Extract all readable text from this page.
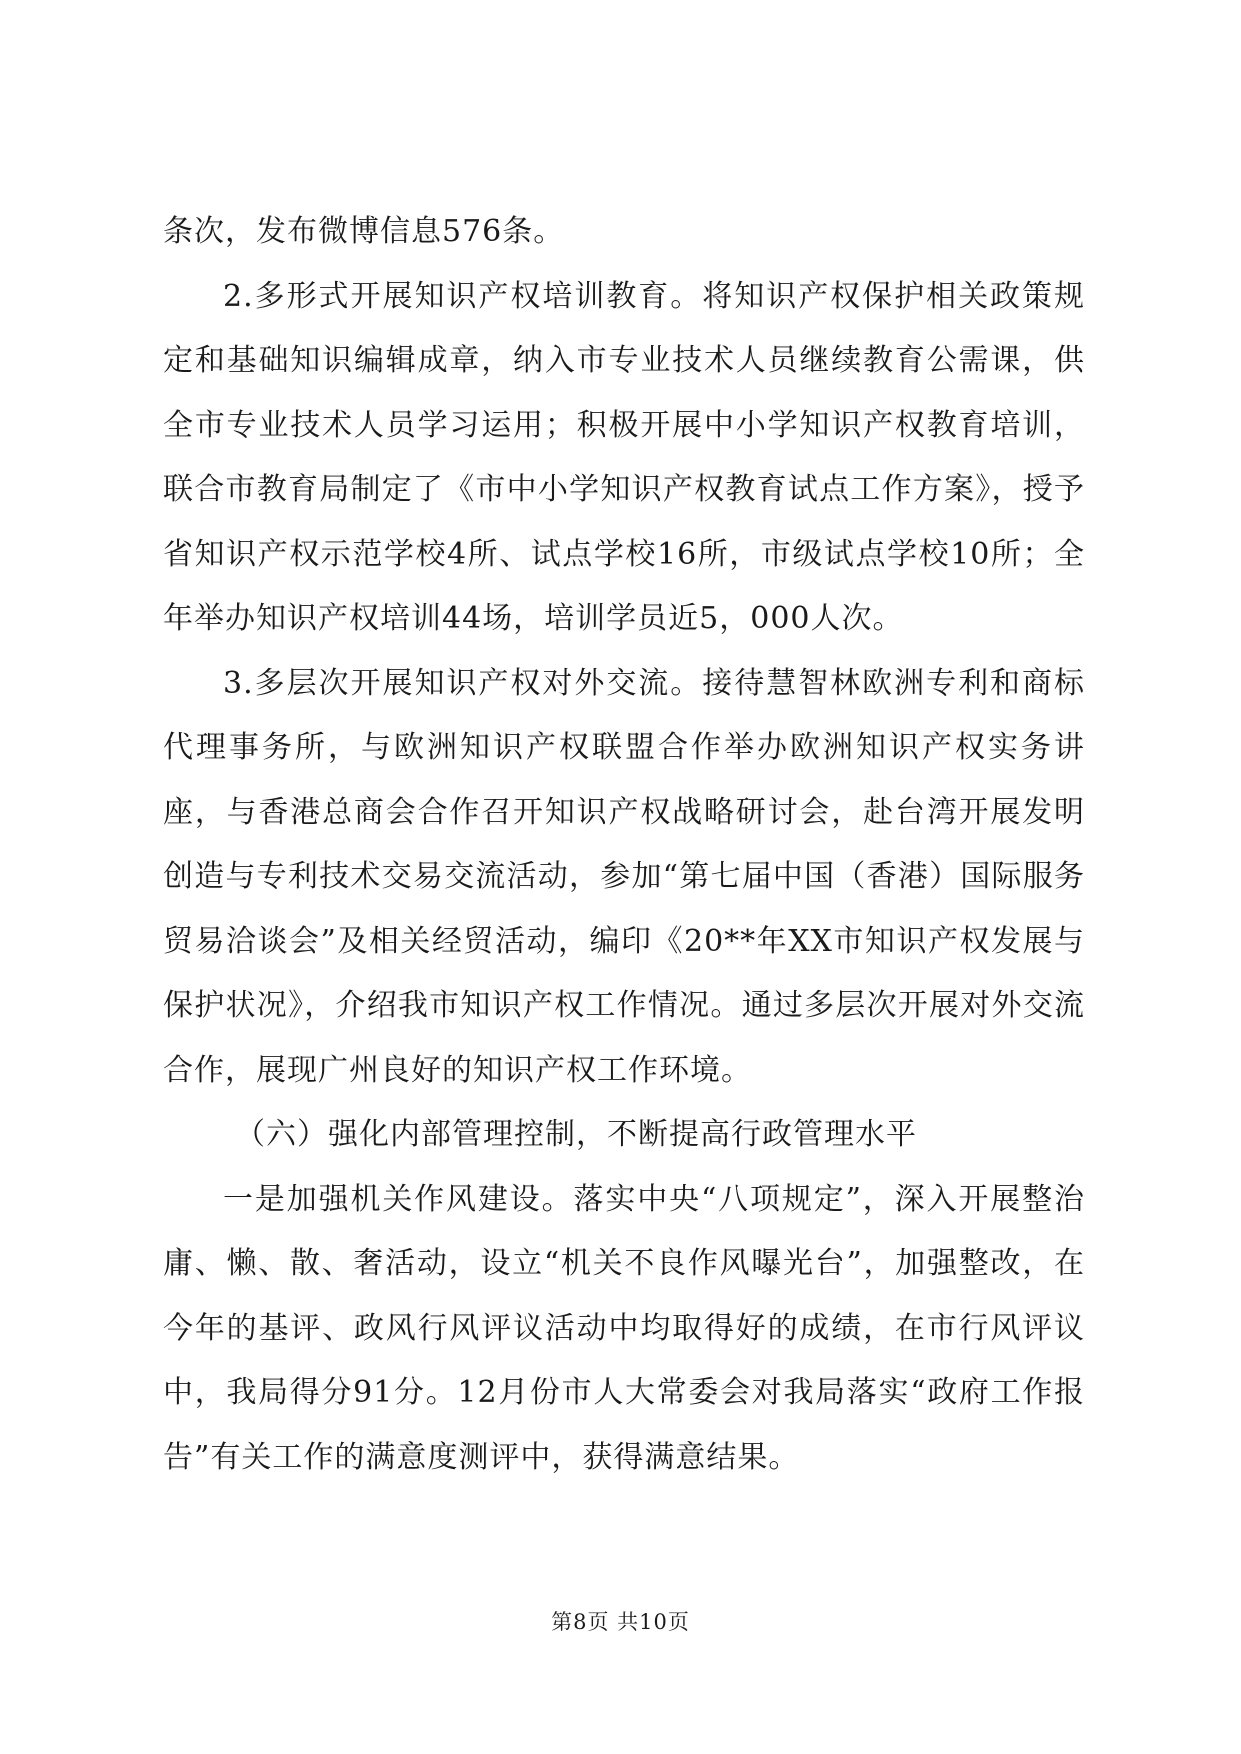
条次，发布微博信息576条。

2.多形式开展知识产权培训教育。将知识产权保护相关政策规定和基础知识编辑成章，纳入市专业技术人员继续教育公需课，供全市专业技术人员学习运用；积极开展中小学知识产权教育培训，联合市教育局制定了《市中小学知识产权教育试点工作方案》，授予省知识产权示范学校4所、试点学校16所，市级试点学校10所；全年举办知识产权培训44场，培训学员近5，000人次。

3.多层次开展知识产权对外交流。接待慧智林欧洲专利和商标代理事务所，与欧洲知识产权联盟合作举办欧洲知识产权实务讲座，与香港总商会合作召开知识产权战略研讨会，赴台湾开展发明创造与专利技术交易交流活动，参加“第七届中国（香港）国际服务贸易洽谈会”及相关经贸活动，编印《20**年XX市知识产权发展与保护状况》，介绍我市知识产权工作情况。通过多层次开展对外交流合作，展现广州良好的知识产权工作环境。

（六）强化内部管理控制，不断提高行政管理水平

一是加强机关作风建设。落实中央“八项规定”，深入开展整治庸、懒、散、奢活动，设立“机关不良作风曝光台”，加强整改，在今年的基评、政风行风评议活动中均取得好的成绩，在市行风评议中，我局得分91分。12月份市人大常委会对我局落实“政府工作报告”有关工作的满意度测评中，获得满意结果。

第8页 共10页
